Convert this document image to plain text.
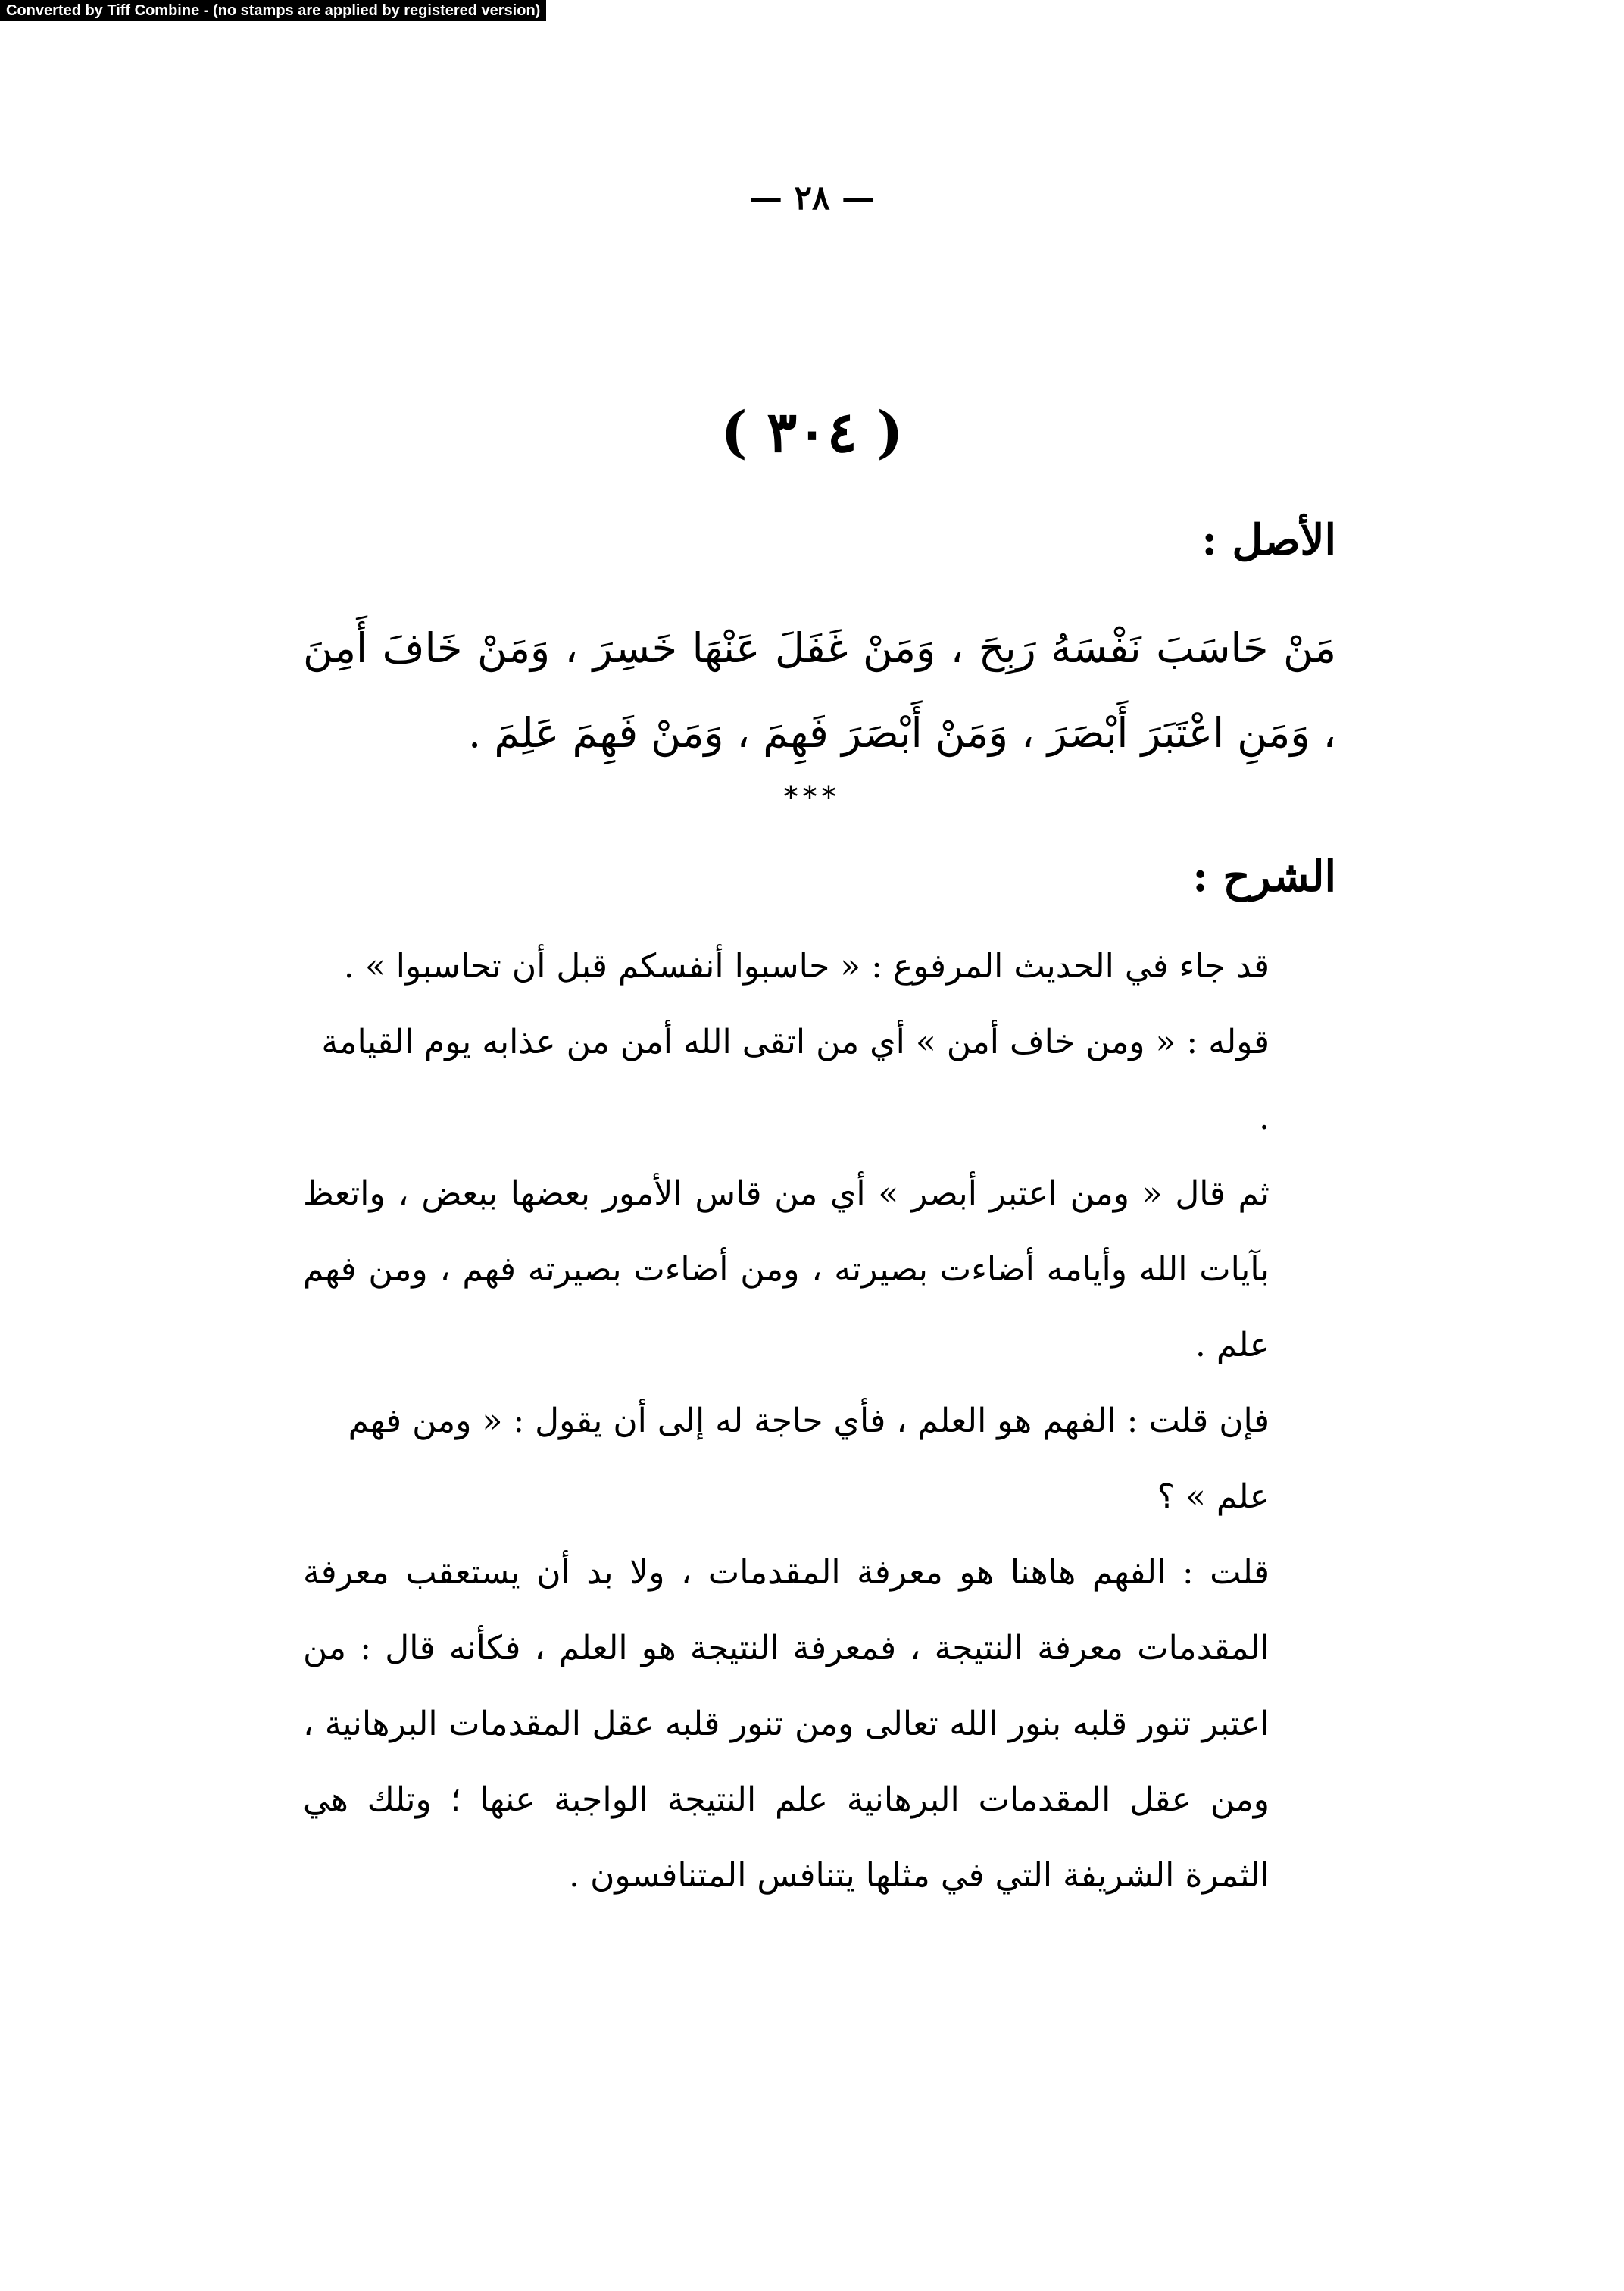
Converted by Tiff Combine - (no stamps are applied by registered version)
— ٢٨ —
( ٣٠٤ )
الأصل :
مَنْ حَاسَبَ نَفْسَهُ رَبِحَ ، وَمَنْ غَفَلَ عَنْهَا خَسِرَ ، وَمَنْ خَافَ أَمِنَ ، وَمَنِ اعْتَبَرَ أَبْصَرَ ، وَمَنْ أَبْصَرَ فَهِمَ ، وَمَنْ فَهِمَ عَلِمَ .
***
الشرح :

قد جاء في الحديث المرفوع : « حاسبوا أنفسكم قبل أن تحاسبوا » .

قوله : « ومن خاف أمن » أي من اتقى الله أمن من عذابه يوم القيامة .

ثم قال « ومن اعتبر أبصر » أي من قاس الأمور بعضها ببعض ، واتعظ بآيات الله وأيامه أضاءت بصيرته ، ومن أضاءت بصيرته فهم ، ومن فهم علم .

فإن قلت : الفهم هو العلم ، فأي حاجة له إلى أن يقول : « ومن فهم علم » ؟

قلت : الفهم هاهنا هو معرفة المقدمات ، ولا بد أن يستعقب معرفة المقدمات معرفة النتيجة ، فمعرفة النتيجة هو العلم ، فكأنه قال : من اعتبر تنور قلبه بنور الله تعالى ومن تنور قلبه عقل المقدمات البرهانية ، ومن عقل المقدمات البرهانية علم النتيجة الواجبة عنها ؛ وتلك هي الثمرة الشريفة التي في مثلها يتنافس المتنافسون .
